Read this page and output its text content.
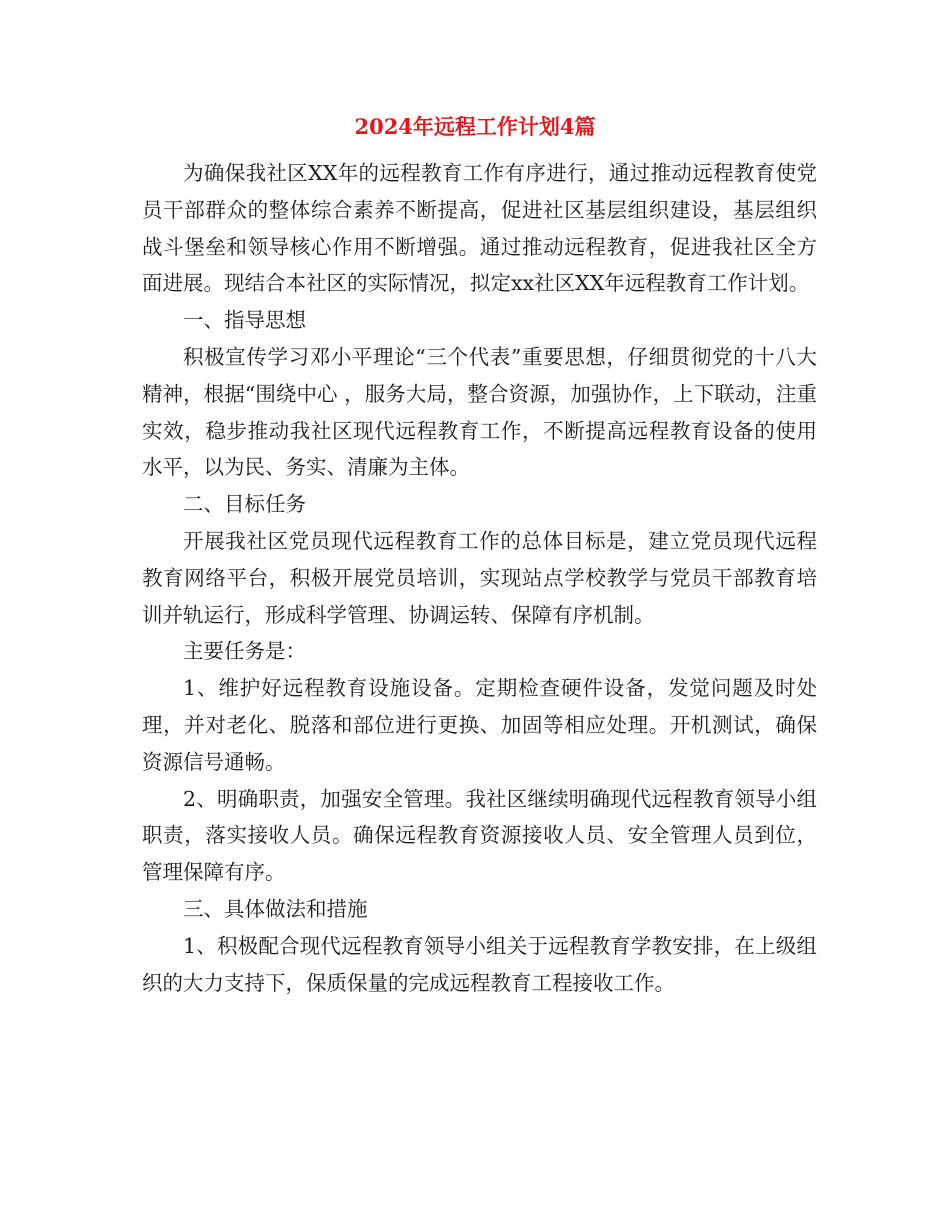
2024年远程工作计划4篇

为确保我社区XX年的远程教育工作有序进行，通过推动远程教育使党员干部群众的整体综合素养不断提高，促进社区基层组织建设，基层组织战斗堡垒和领导核心作用不断增强。通过推动远程教育，促进我社区全方面进展。现结合本社区的实际情况，拟定xx社区XX年远程教育工作计划。

一、指导思想

积极宣传学习邓小平理论“三个代表”重要思想，仔细贯彻党的十八大精神，根据“围绕中心 ，服务大局，整合资源，加强协作，上下联动，注重实效，稳步推动我社区现代远程教育工作，不断提高远程教育设备的使用水平，以为民、务实、清廉为主体。

二、目标任务

开展我社区党员现代远程教育工作的总体目标是，建立党员现代远程教育网络平台，积极开展党员培训，实现站点学校教学与党员干部教育培训并轨运行，形成科学管理、协调运转、保障有序机制。

主要任务是：

1、维护好远程教育设施设备。定期检查硬件设备，发觉问题及时处理，并对老化、脱落和部位进行更换、加固等相应处理。开机测试，确保资源信号通畅。

2、明确职责，加强安全管理。我社区继续明确现代远程教育领导小组职责，落实接收人员。确保远程教育资源接收人员、安全管理人员到位，管理保障有序。

三、具体做法和措施

1、积极配合现代远程教育领导小组关于远程教育学教安排，在上级组织的大力支持下，保质保量的完成远程教育工程接收工作。
